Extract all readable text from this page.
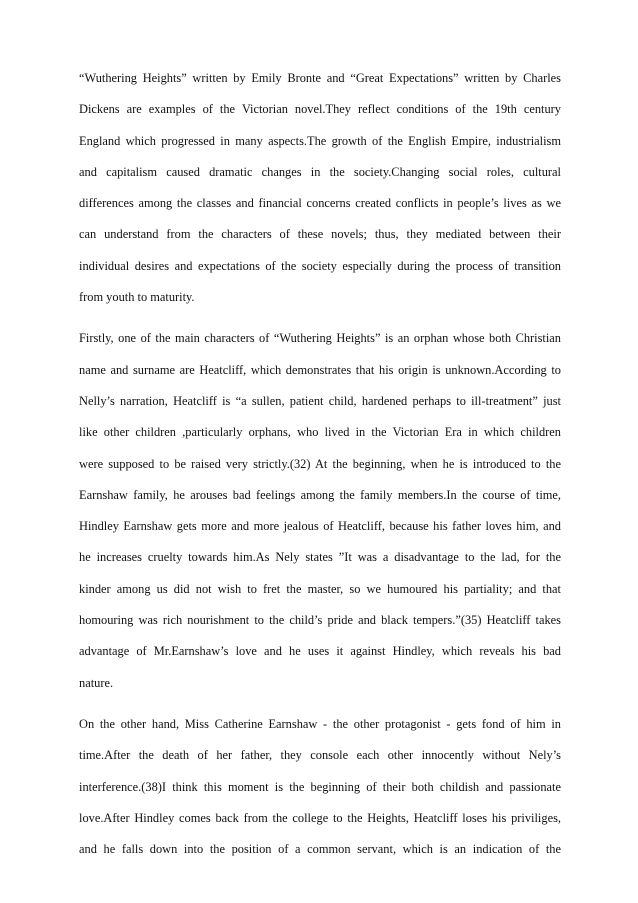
“Wuthering Heights” written by Emily Bronte and “Great Expectations” written by Charles
Dickens are examples of the Victorian novel.They reflect conditions of the 19th century
England which progressed in many aspects.The growth of the English Empire, industrialism
and capitalism caused dramatic changes in the society.Changing social roles, cultural
differences among the classes and financial concerns created conflicts in people’s lives as we
can understand from the characters of these novels; thus, they mediated between their
individual desires and expectations of the society especially during the process of transition
from youth to maturity.
Firstly, one of the main characters of “Wuthering Heights” is an orphan whose both Christian
name and surname are Heatcliff, which demonstrates that his origin is unknown.According to
Nelly’s narration, Heatcliff is “a sullen, patient child, hardened perhaps to ill-treatment” just
like other children ,particularly orphans, who lived in the Victorian Era in which children
were supposed to be raised very strictly.(32) At the beginning, when he is introduced to the
Earnshaw family, he arouses bad feelings among the family members.In the course of time,
Hindley Earnshaw gets more and more jealous of Heatcliff, because his father loves him, and
he increases cruelty towards him.As Nely states ”It was a disadvantage to the lad, for the
kinder among us did not wish to fret the master, so we humoured his partiality; and that
homouring was rich nourishment to the child’s pride and black tempers.”(35) Heatcliff takes
advantage of Mr.Earnshaw’s love and he uses it against Hindley, which reveals his bad
nature.
On the other hand, Miss Catherine Earnshaw - the other protagonist - gets fond of him in
time.After the death of her father, they console each other innocently without Nely’s
interference.(38)I think this moment is the beginning of their both childish and passionate
love.After Hindley comes back from the college to the Heights, Heatcliff loses his priviliges,
and he falls down into the position of a common servant, which is an indication of the
